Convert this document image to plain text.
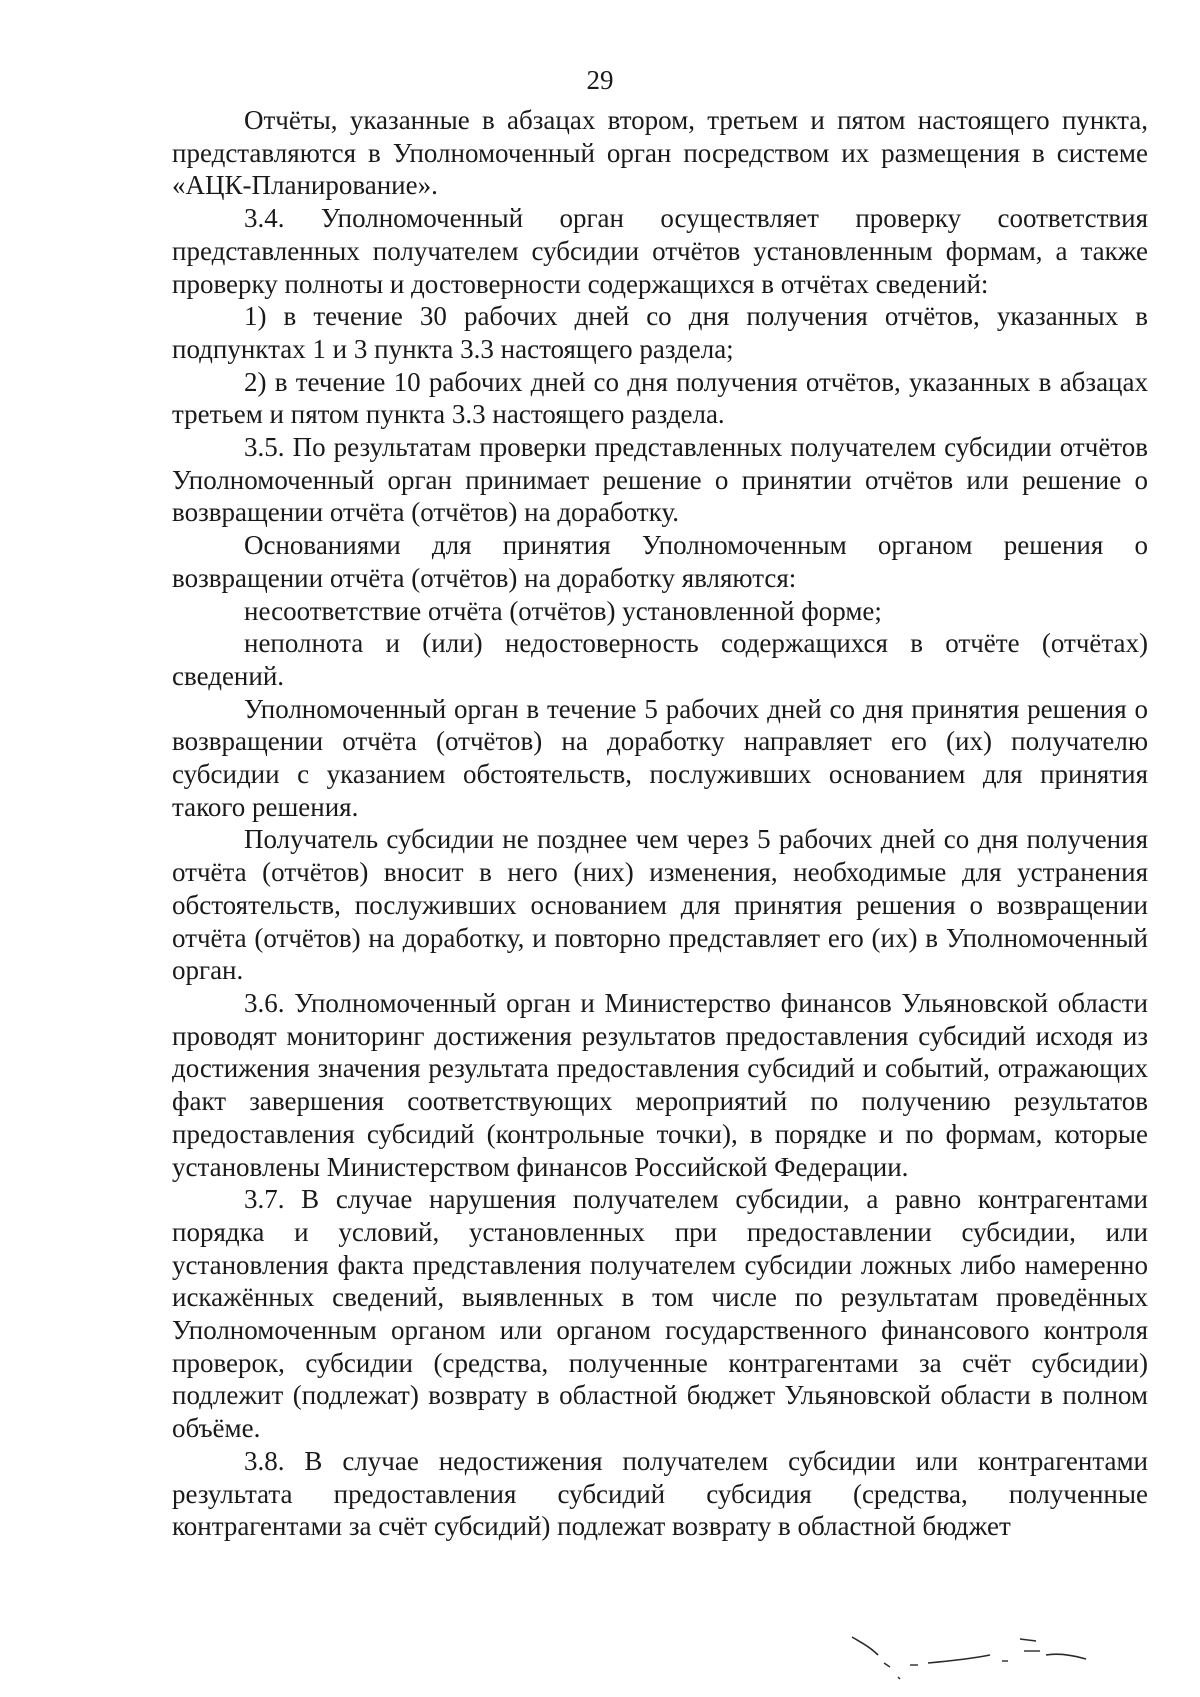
29

Отчёты, указанные в абзацах втором, третьем и пятом настоящего пункта, представляются в Уполномоченный орган посредством их размещения в системе «АЦК-Планирование».

3.4. Уполномоченный орган осуществляет проверку соответствия представленных получателем субсидии отчётов установленным формам, а также проверку полноты и достоверности содержащихся в отчётах сведений:

1) в течение 30 рабочих дней со дня получения отчётов, указанных в подпунктах 1 и 3 пункта 3.3 настоящего раздела;

2) в течение 10 рабочих дней со дня получения отчётов, указанных в абзацах третьем и пятом пункта 3.3 настоящего раздела.

3.5. По результатам проверки представленных получателем субсидии отчётов Уполномоченный орган принимает решение о принятии отчётов или решение о возвращении отчёта (отчётов) на доработку.

Основаниями для принятия Уполномоченным органом решения о возвращении отчёта (отчётов) на доработку являются:

несоответствие отчёта (отчётов) установленной форме;

неполнота и (или) недостоверность содержащихся в отчёте (отчётах) сведений.

Уполномоченный орган в течение 5 рабочих дней со дня принятия решения о возвращении отчёта (отчётов) на доработку направляет его (их) получателю субсидии с указанием обстоятельств, послуживших основанием для принятия такого решения.

Получатель субсидии не позднее чем через 5 рабочих дней со дня получения отчёта (отчётов) вносит в него (них) изменения, необходимые для устранения обстоятельств, послуживших основанием для принятия решения о возвращении отчёта (отчётов) на доработку, и повторно представляет его (их) в Уполномоченный орган.

3.6. Уполномоченный орган и Министерство финансов Ульяновской области проводят мониторинг достижения результатов предоставления субсидий исходя из достижения значения результата предоставления субсидий и событий, отражающих факт завершения соответствующих мероприятий по получению результатов предоставления субсидий (контрольные точки), в порядке и по формам, которые установлены Министерством финансов Российской Федерации.

3.7. В случае нарушения получателем субсидии, а равно контрагентами порядка и условий, установленных при предоставлении субсидии, или установления факта представления получателем субсидии ложных либо намеренно искажённых сведений, выявленных в том числе по результатам проведённых Уполномоченным органом или органом государственного финансового контроля проверок, субсидии (средства, полученные контрагентами за счёт субсидии) подлежит (подлежат) возврату в областной бюджет Ульяновской области в полном объёме.

3.8. В случае недостижения получателем субсидии или контрагентами результата предоставления субсидий субсидия (средства, полученные контрагентами за счёт субсидий) подлежат возврату в областной бюджет
